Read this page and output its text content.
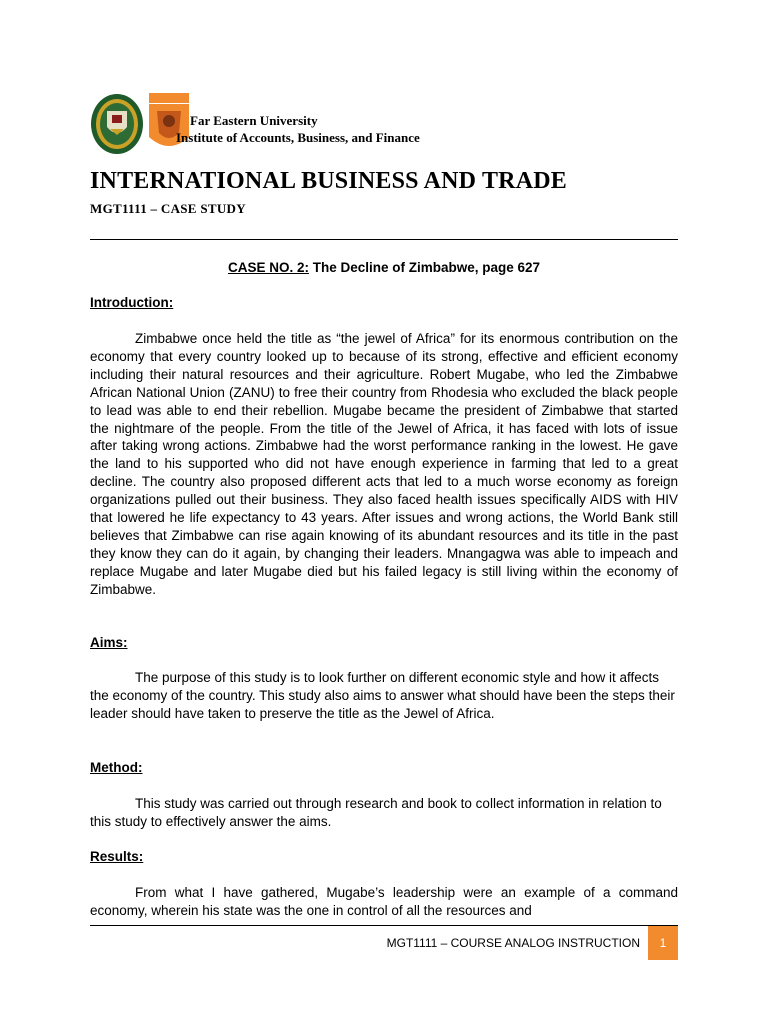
Far Eastern University
Institute of Accounts, Business, and Finance
INTERNATIONAL BUSINESS AND TRADE
MGT1111 – CASE STUDY
CASE NO. 2: The Decline of Zimbabwe, page 627
Introduction:

Zimbabwe once held the title as “the jewel of Africa” for its enormous contribution on the economy that every country looked up to because of its strong, effective and efficient economy including their natural resources and their agriculture. Robert Mugabe, who led the Zimbabwe African National Union (ZANU) to free their country from Rhodesia who excluded the black people to lead was able to end their rebellion. Mugabe became the president of Zimbabwe that started the nightmare of the people. From the title of the Jewel of Africa, it has faced with lots of issue after taking wrong actions. Zimbabwe had the worst performance ranking in the lowest. He gave the land to his supported who did not have enough experience in farming that led to a great decline. The country also proposed different acts that led to a much worse economy as foreign organizations pulled out their business. They also faced health issues specifically AIDS with HIV that lowered he life expectancy to 43 years. After issues and wrong actions, the World Bank still believes that Zimbabwe can rise again knowing of its abundant resources and its title in the past they know they can do it again, by changing their leaders. Mnangagwa was able to impeach and replace Mugabe and later Mugabe died but his failed legacy is still living within the economy of Zimbabwe.

Aims:

The purpose of this study is to look further on different economic style and how it affects the economy of the country. This study also aims to answer what should have been the steps their leader should have taken to preserve the title as the Jewel of Africa.

Method:

This study was carried out through research and book to collect information in relation to this study to effectively answer the aims.

Results:

From what I have gathered, Mugabe’s leadership were an example of a command economy, wherein his state was the one in control of all the resources and

MGT1111 – COURSE ANALOG INSTRUCTION	1
